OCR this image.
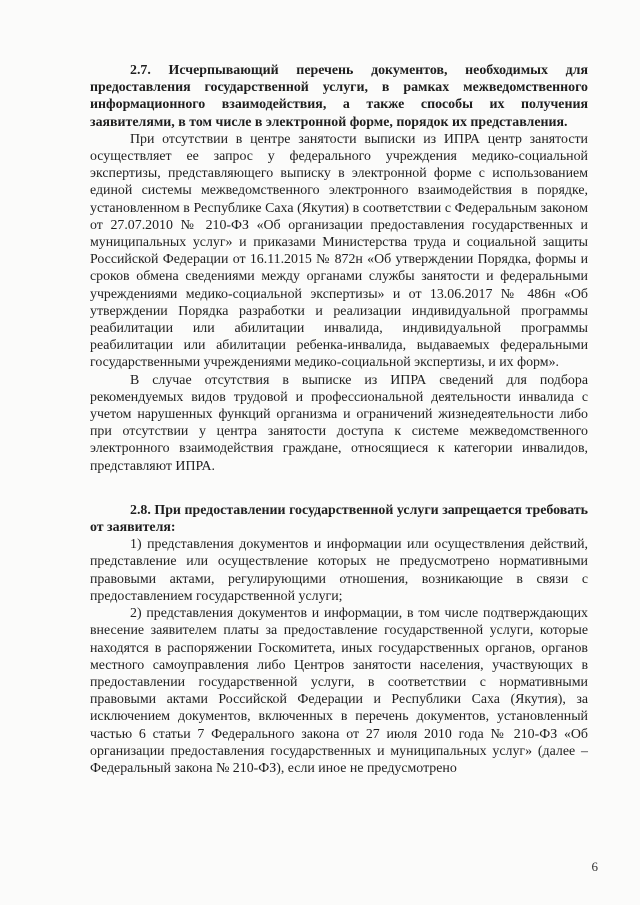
2.7. Исчерпывающий перечень документов, необходимых для предоставления государственной услуги, в рамках межведомственного информационного взаимодействия, а также способы их получения заявителями, в том числе в электронной форме, порядок их представления.

При отсутствии в центре занятости выписки из ИПРА центр занятости осуществляет ее запрос у федерального учреждения медико-социальной экспертизы, представляющего выписку в электронной форме с использованием единой системы межведомственного электронного взаимодействия в порядке, установленном в Республике Саха (Якутия) в соответствии с Федеральным законом от 27.07.2010 № 210-ФЗ «Об организации предоставления государственных и муниципальных услуг» и приказами Министерства труда и социальной защиты Российской Федерации от 16.11.2015 № 872н «Об утверждении Порядка, формы и сроков обмена сведениями между органами службы занятости и федеральными учреждениями медико-социальной экспертизы» и от 13.06.2017 № 486н «Об утверждении Порядка разработки и реализации индивидуальной программы реабилитации или абилитации инвалида, индивидуальной программы реабилитации или абилитации ребенка-инвалида, выдаваемых федеральными государственными учреждениями медико-социальной экспертизы, и их форм».

В случае отсутствия в выписке из ИПРА сведений для подбора рекомендуемых видов трудовой и профессиональной деятельности инвалида с учетом нарушенных функций организма и ограничений жизнедеятельности либо при отсутствии у центра занятости доступа к системе межведомственного электронного взаимодействия граждане, относящиеся к категории инвалидов, представляют ИПРА.

2.8. При предоставлении государственной услуги запрещается требовать от заявителя:

1) представления документов и информации или осуществления действий, представление или осуществление которых не предусмотрено нормативными правовыми актами, регулирующими отношения, возникающие в связи с предоставлением государственной услуги;

2) представления документов и информации, в том числе подтверждающих внесение заявителем платы за предоставление государственной услуги, которые находятся в распоряжении Госкомитета, иных государственных органов, органов местного самоуправления либо Центров занятости населения, участвующих в предоставлении государственной услуги, в соответствии с нормативными правовыми актами Российской Федерации и Республики Саха (Якутия), за исключением документов, включенных в перечень документов, установленный частью 6 статьи 7 Федерального закона от 27 июля 2010 года № 210-ФЗ «Об организации предоставления государственных и муниципальных услуг» (далее – Федеральный закона № 210-ФЗ), если иное не предусмотрено

6
